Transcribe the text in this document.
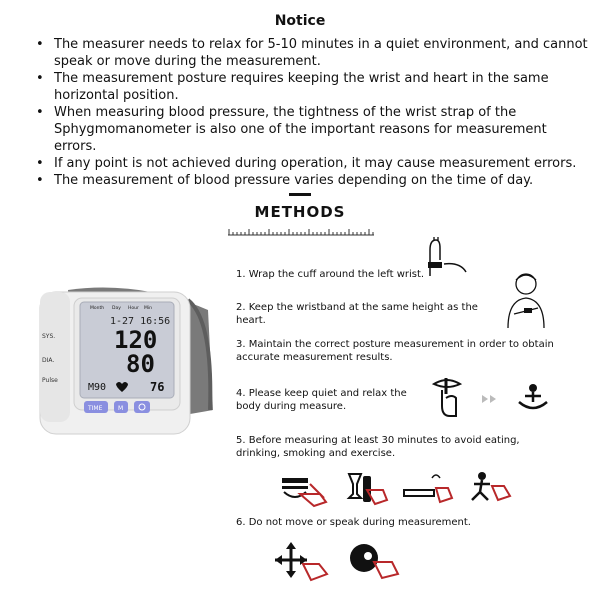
Notice
• The measurer needs to relax for 5-10 minutes in a quiet environment, and cannot speak or move during the measurement.
• The measurement posture requires keeping the wrist and heart in the same horizontal position.
• When measuring blood pressure, the tightness of the wrist strap of the Sphygmomanometer is also one of the important reasons for measurement errors.
• If any point is not achieved during operation, it may cause measurement errors.
• The measurement of blood pressure varies depending on the time of day.
METHODS
Month Day Hour Min
1-27 16:56
SYS.
DIA.
Pulse
120
80
M90	76
TIME	M
1. Wrap the cuff around the left wrist.
2. Keep the wristband at the same height as the heart.
3. Maintain the correct posture measurement in order to obtain accurate measurement results.
4. Please keep quiet and relax the body during measure.
5. Before measuring at least 30 minutes to avoid eating, drinking, smoking and exercise.
6. Do not move or speak during measurement.
